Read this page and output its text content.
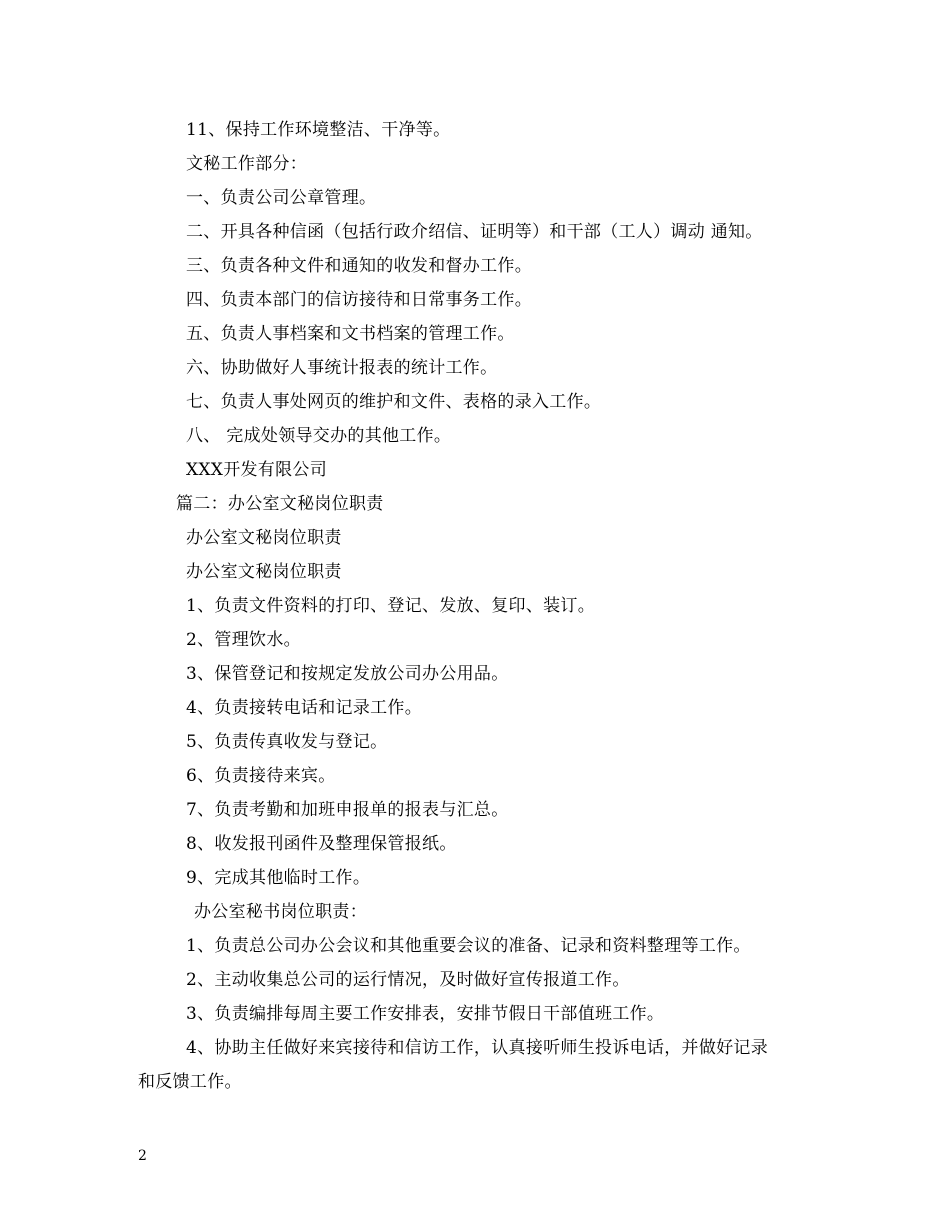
11、保持工作环境整洁、干净等。
文秘工作部分：
一、负责公司公章管理。
二、开具各种信函（包括行政介绍信、证明等）和干部（工人）调动 通知。
三、负责各种文件和通知的收发和督办工作。
四、负责本部门的信访接待和日常事务工作。
五、负责人事档案和文书档案的管理工作。
六、协助做好人事统计报表的统计工作。
七、负责人事处网页的维护和文件、表格的录入工作。
八、 完成处领导交办的其他工作。
XXX开发有限公司
篇二：办公室文秘岗位职责
办公室文秘岗位职责
办公室文秘岗位职责
1、负责文件资料的打印、登记、发放、复印、装订。
2、管理饮水。
3、保管登记和按规定发放公司办公用品。
4、负责接转电话和记录工作。
5、负责传真收发与登记。
6、负责接待来宾。
7、负责考勤和加班申报单的报表与汇总。
8、收发报刊函件及整理保管报纸。
9、完成其他临时工作。
办公室秘书岗位职责：
1、负责总公司办公会议和其他重要会议的准备、记录和资料整理等工作。
2、主动收集总公司的运行情况，及时做好宣传报道工作。
3、负责编排每周主要工作安排表，安排节假日干部值班工作。
4、协助主任做好来宾接待和信访工作，认真接听师生投诉电话，并做好记录
和反馈工作。
2
